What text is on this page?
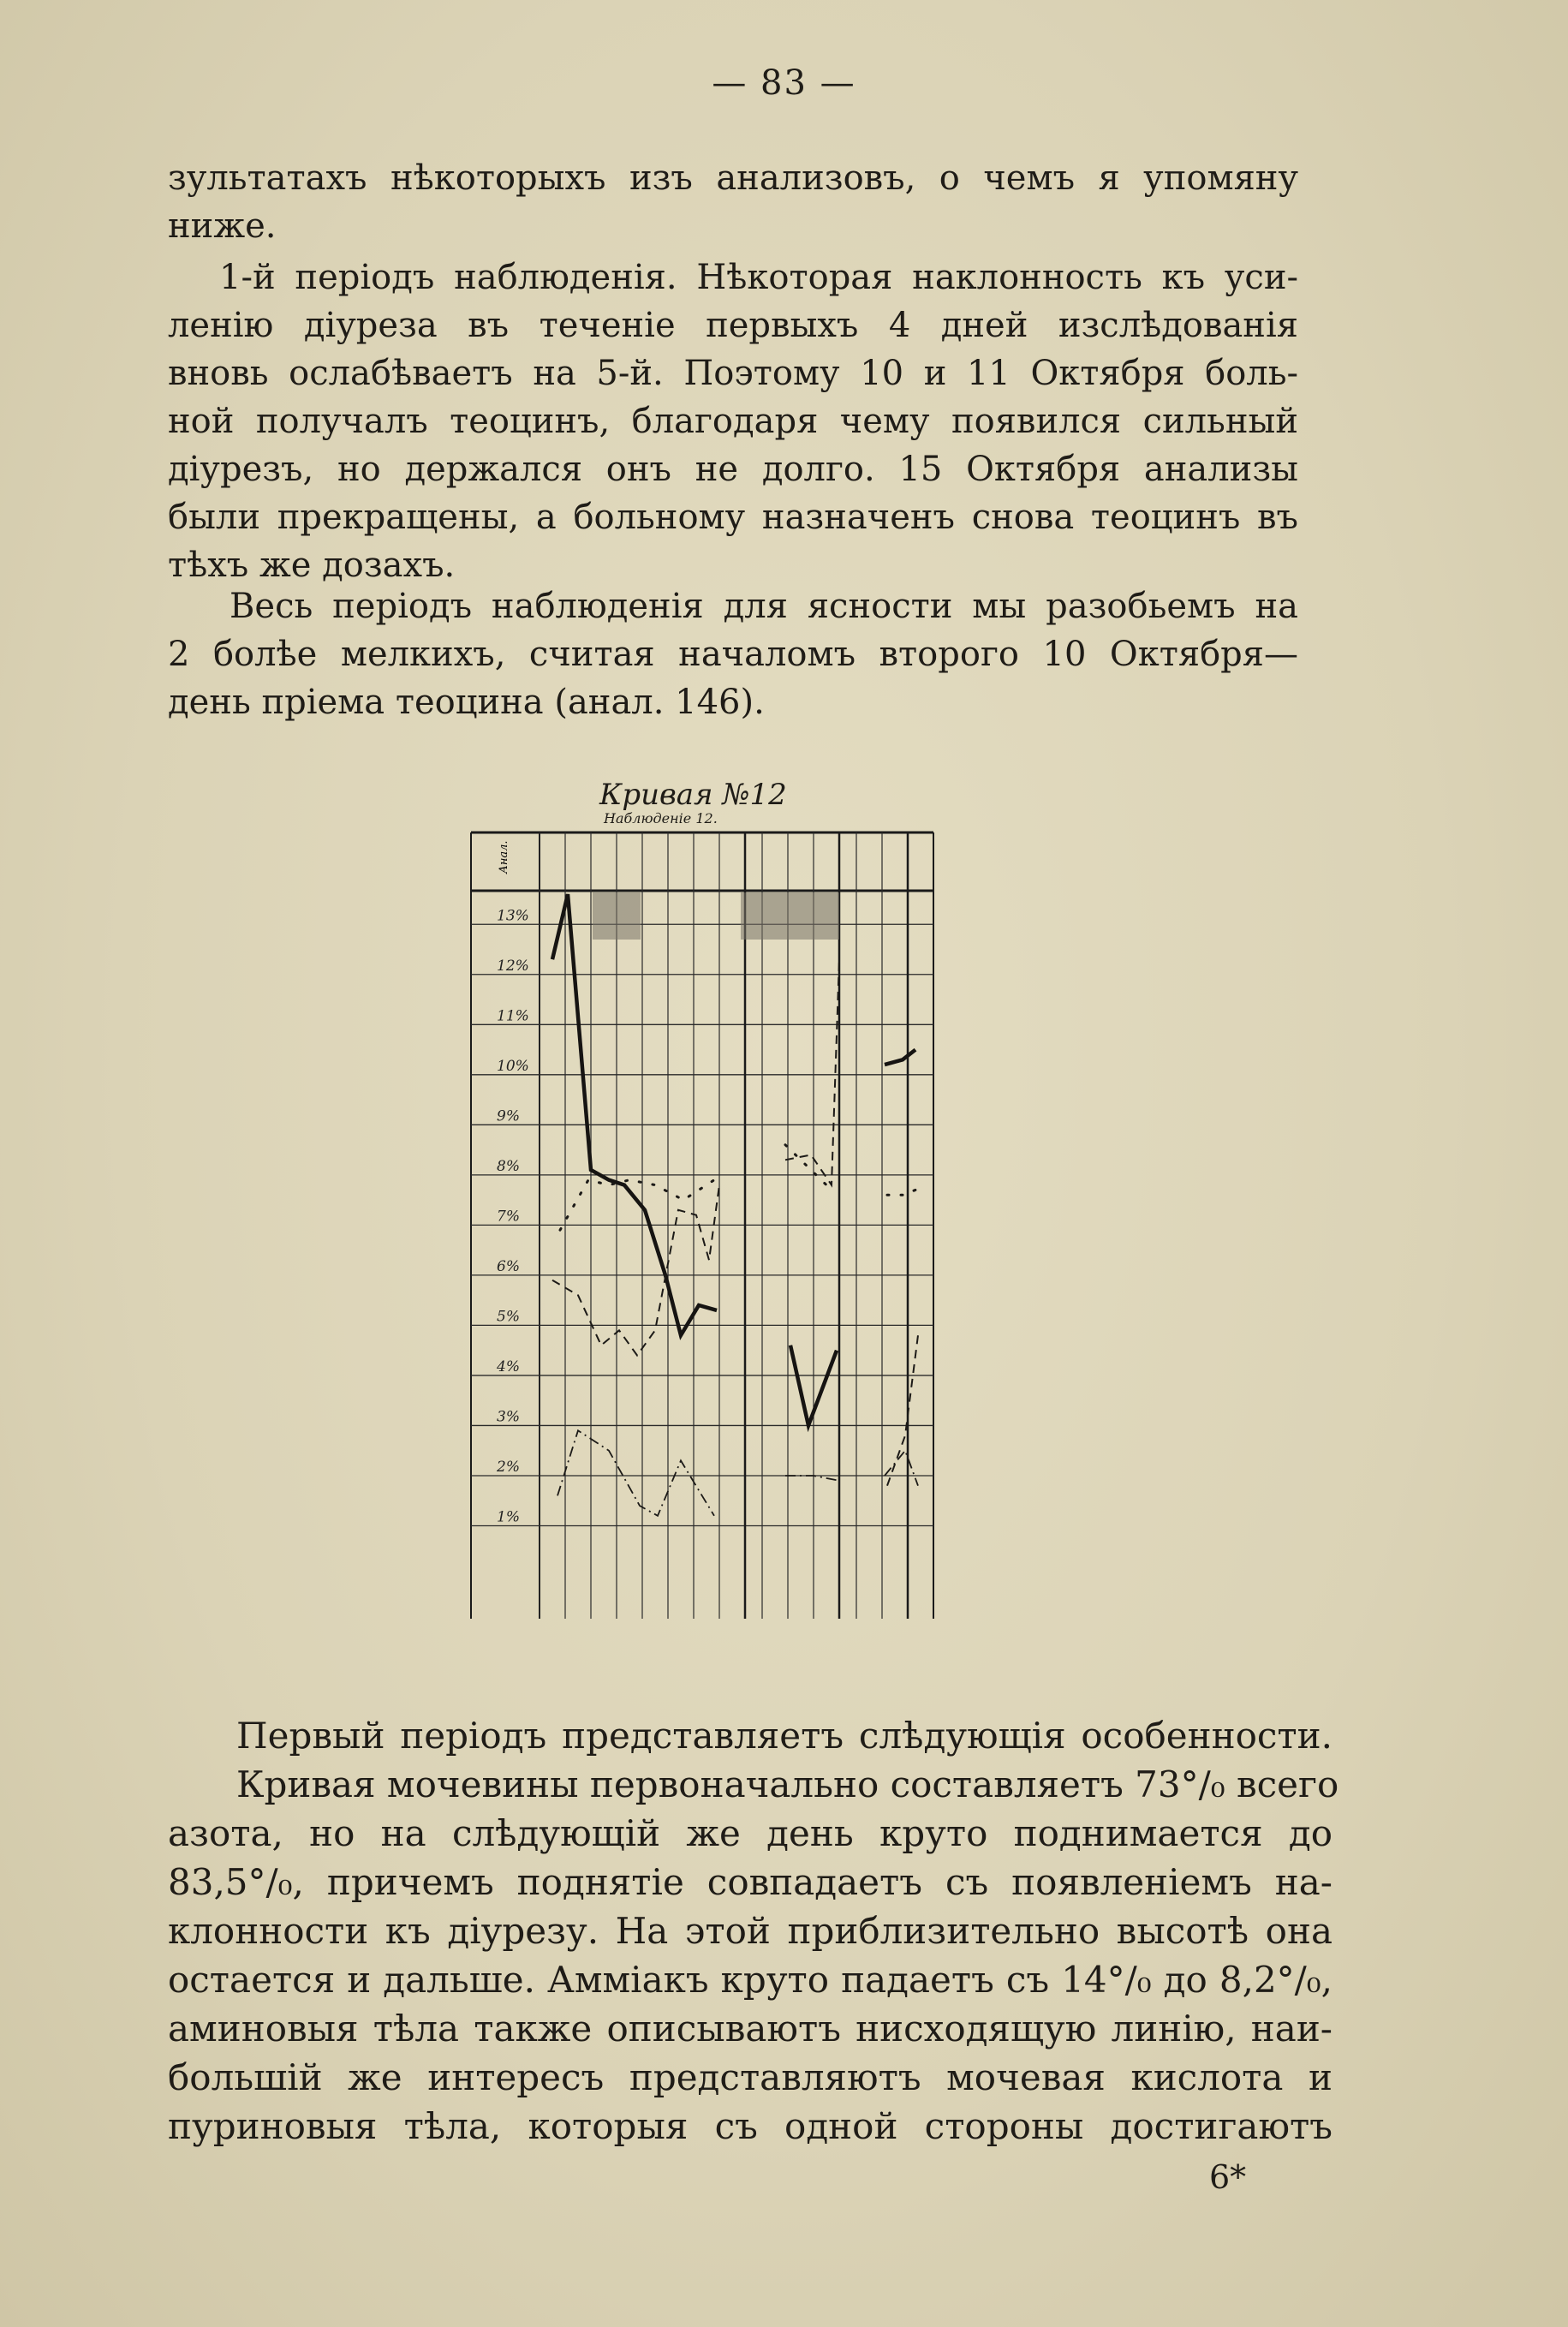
— 83 —
зультатахъ нѣкоторыхъ изъ анализовъ, о чемъ я упомяну
ниже.
1-й періодъ наблюденія. Нѣкоторая наклонность къ уси-
ленію діуреза въ теченіе первыхъ 4 дней изслѣдованія
вновь ослабѣваетъ на 5-й. Поэтому 10 и 11 Октября боль-
ной получалъ теоцинъ, благодаря чему появился сильный
діурезъ, но держался онъ не долго. 15 Октября анализы
были прекращены, а больному назначенъ снова теоцинъ въ
тѣхъ же дозахъ.
Весь періодъ наблюденія для ясности мы разобьемъ на
2 болѣе мелкихъ, считая началомъ второго 10 Октября—
день пріема теоцина (анал. 146).
Кривая №12
Наблюденіе 12.
Анал.
1%
2%
3%
4%
5%
6%
7%
8%
9%
10%
11%
12%
13%
Первый періодъ представляетъ слѣдующія особенности.
Кривая мочевины первоначально составляетъ 73°/₀ всего
азота, но на слѣдующій же день круто поднимается до
83,5°/₀, причемъ поднятіе совпадаетъ съ появленіемъ на-
клонности къ діурезу. На этой приблизительно высотѣ она
остается и дальше. Амміакъ круто падаетъ съ 14°/₀ до 8,2°/₀,
аминовыя тѣла также описываютъ нисходящую линію, наи-
большій же интересъ представляютъ мочевая кислота и
пуриновыя тѣла, которыя съ одной стороны достигаютъ
6*
